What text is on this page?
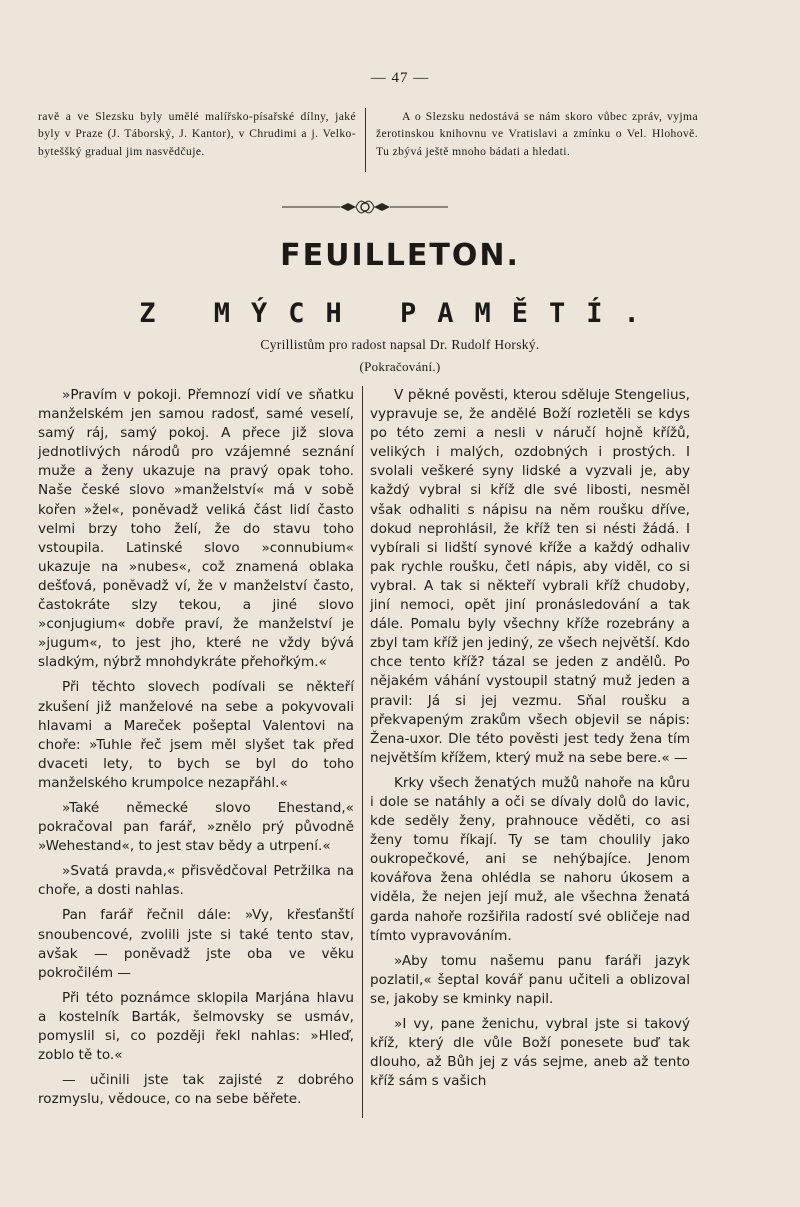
— 47 —

ravě a ve Slezsku byly umělé malířsko-písařské dílny, jaké byly v Praze (J. Táborský, J. Kantor), v Chrudimi a j. Velko-byteššký gradual jim nasvědčuje.

A o Slezsku nedostává se nám skoro vůbec zpráv, vyjma žerotinskou knihovnu ve Vratislavi a zmínku o Vel. Hlohově. Tu zbývá ještě mnoho bádati a hledati.

FEUILLETON.
Z MÝCH PAMĚTÍ.
Cyrillistům pro radost napsal Dr. Rudolf Horský.
(Pokračování.)

»Pravím v pokoji. Přemnozí vidí ve sňatku manželském jen samou radosť, samé veselí, samý ráj, samý pokoj. A přece již slova jednotlivých národů pro vzájemné seznání muže a ženy ukazuje na pravý opak toho. Naše české slovo »manželství« má v sobě kořen »žel«, poněvadž veliká část lidí často velmi brzy toho želí, že do stavu toho vstoupila. Latinské slovo »connubium« ukazuje na »nubes«, což znamená oblaka dešťová, poněvadž ví, že v manželství často, častokráte slzy tekou, a jiné slovo »conjugium« dobře praví, že manželství je »jugum«, to jest jho, které ne vždy bývá sladkým, nýbrž mnohdykráte přehořkým.«

Při těchto slovech podívali se někteří zkušení již manželové na sebe a pokyvovali hlavami a Mareček pošeptal Valentovi na choře: »Tuhle řeč jsem měl slyšet tak před dvaceti lety, to bych se byl do toho manželského krumpolce nezapřáhl.«

»Také německé slovo Ehestand,« pokračoval pan farář, »znělo prý původně »Wehestand«, to jest stav bědy a utrpení.«

»Svatá pravda,« přisvědčoval Petržilka na choře, a dosti nahlas.

Pan farář řečnil dále: »Vy, křesťanští snoubencové, zvolili jste si také tento stav, avšak — poněvadž jste oba ve věku pokročilém —

Při této poznámce sklopila Marjána hlavu a kostelník Barták, šelmovsky se usmáv, pomyslil si, co později řekl nahlas: »Hleď, zoblo tě to.«

— učinili jste tak zajisté z dobrého rozmyslu, vědouce, co na sebe běřete.

V pěkné pověsti, kterou sděluje Stengelius, vypravuje se, že andělé Boží rozletěli se kdys po této zemi a nesli v náručí hojně křížů, velikých i malých, ozdobných i prostých. I svolali veškeré syny lidské a vyzvali je, aby každý vybral si kříž dle své libosti, nesměl však odhaliti s nápisu na něm roušku dříve, dokud neprohlásil, že kříž ten si nésti žádá. I vybírali si lidští synové kříže a každý odhaliv pak rychle roušku, četl nápis, aby viděl, co si vybral. A tak si někteří vybrali kříž chudoby, jiní nemoci, opět jiní pronásledování a tak dále. Pomalu byly všechny kříže rozebrány a zbyl tam kříž jen jediný, ze všech největší. Kdo chce tento kříž? tázal se jeden z andělů. Po nějakém váhání vystoupil statný muž jeden a pravil: Já si jej vezmu. Sňal roušku a překvapeným zrakům všech objevil se nápis: Žena-uxor. Dle této pověsti jest tedy žena tím největším křížem, který muž na sebe bere.« —

Krky všech ženatých mužů nahoře na kůru i dole se natáhly a oči se dívaly dolů do lavic, kde seděly ženy, prahnouce věděti, co asi ženy tomu říkají. Ty se tam choulily jako oukropečkové, ani se nehýbajíce. Jenom kovářova žena ohlédla se nahoru úkosem a viděla, že nejen její muž, ale všechna ženatá garda nahoře rozšiřila radostí své obličeje nad tímto vypravováním.

»Aby tomu našemu panu faráři jazyk pozlatil,« šeptal kovář panu učiteli a oblizoval se, jakoby se kminky napil.

»I vy, pane ženichu, vybral jste si takový kříž, který dle vůle Boží ponesete buď tak dlouho, až Bůh jej z vás sejme, aneb až tento kříž sám s vašich
